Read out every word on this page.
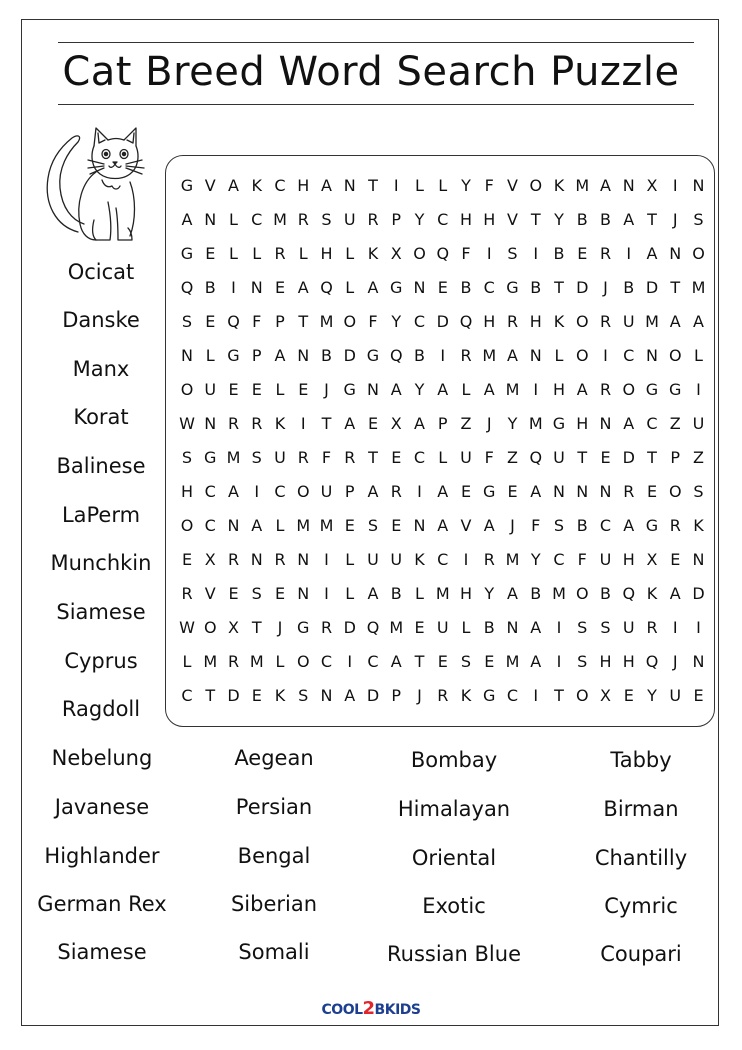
Cat Breed Word Search Puzzle
Ocicat
Danske
Manx
Korat
Balinese
LaPerm
Munchkin
Siamese
Cyprus
Ragdoll
G V A K C H A N T	I	L L Y F V O K M A N X I N
A N L C M R S U R P Y C H H V T Y B B A T	J S
G E L L R L H L K X O Q F	I S I B E R I A N O
Q B I N E A Q L A G N E B C G B T D J B D T M
S E Q F P T M O F Y C D Q H R H K O R U M A A
N L G P A N B D G Q B I R M A N L O I C N O L
O U E E L E J G N A Y A L A M I H A R O G G I
W N R R K I	T A E X A P Z J	Y M G H N A C Z U
S G M S U R F R T E C L U F Z Q U T E D T P Z
H C A I C O U P A R I A E G E A N N N R E O S
O C N A L M M E S E N A V A J	F S B C A G R K
E X R N R N I	L U U K C I R M Y C F U H X E N
R V E S E N I	L A B L M H Y A B M O B Q K A D
W O X T	J G R D Q M E U L B N A I S S U R I	I
L M R M L O C I C A T E S E M A I S H H Q J N
C T D E K S N A D P	J R K G C I	T O X E Y U E
Nebelung	Aegean	Bombay	Tabby
Javanese	Persian	Himalayan	Birman
Highlander	Bengal	Oriental	Chantilly
German Rex	Siberian	Exotic	Cymric
Siamese	Somali	Russian Blue	Coupari
COOL2BKIDS
